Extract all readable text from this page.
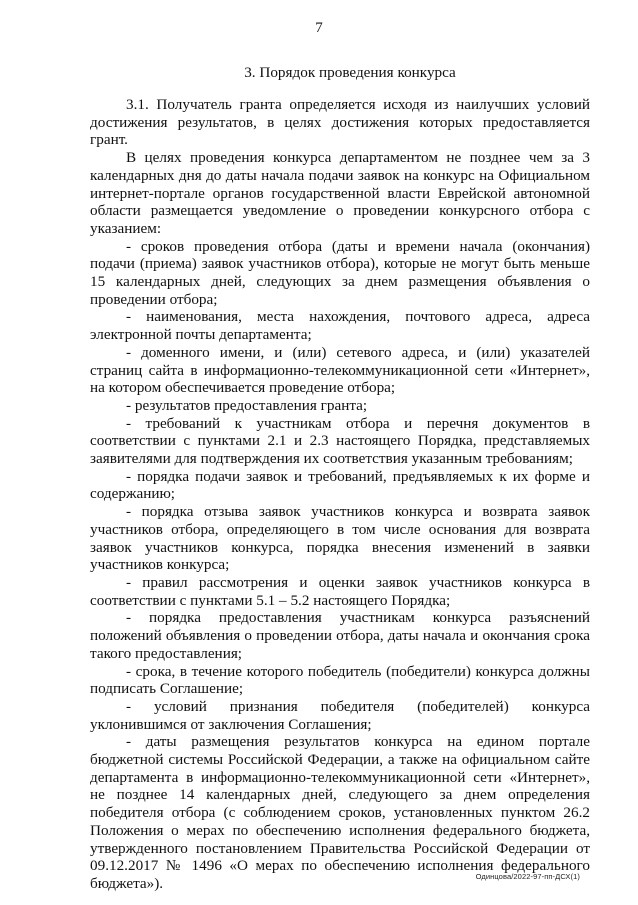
7
3. Порядок проведения конкурса

3.1. Получатель гранта определяется исходя из наилучших условий достижения результатов, в целях достижения которых предоставляется грант.

В целях проведения конкурса департаментом не позднее чем за 3 календарных дня до даты начала подачи заявок на конкурс на Официальном интернет-портале органов государственной власти Еврейской автономной области размещается уведомление о проведении конкурсного отбора с указанием:

- сроков проведения отбора (даты и времени начала (окончания) подачи (приема) заявок участников отбора), которые не могут быть меньше 15 календарных дней, следующих за днем размещения объявления о проведении отбора;

- наименования, места нахождения, почтового адреса, адреса электронной почты департамента;

- доменного имени, и (или) сетевого адреса, и (или) указателей страниц сайта в информационно-телекоммуникационной сети «Интернет», на котором обеспечивается проведение отбора;

- результатов предоставления гранта;

- требований к участникам отбора и перечня документов в соответствии с пунктами 2.1 и 2.3 настоящего Порядка, представляемых заявителями для подтверждения их соответствия указанным требованиям;

- порядка подачи заявок и требований, предъявляемых к их форме и содержанию;

- порядка отзыва заявок участников конкурса и возврата заявок участников отбора, определяющего в том числе основания для возврата заявок участников конкурса, порядка внесения изменений в заявки участников конкурса;

- правил рассмотрения и оценки заявок участников конкурса в соответствии с пунктами 5.1 – 5.2 настоящего Порядка;

- порядка предоставления участникам конкурса разъяснений положений объявления о проведении отбора, даты начала и окончания срока такого предоставления;

- срока, в течение которого победитель (победители) конкурса должны подписать Соглашение;

- условий признания победителя (победителей) конкурса уклонившимся от заключения Соглашения;

- даты размещения результатов конкурса на едином портале бюджетной системы Российской Федерации, а также на официальном сайте департамента в информационно-телекоммуникационной сети «Интернет», не позднее 14 календарных дней, следующего за днем определения победителя отбора (с соблюдением сроков, установленных пунктом 26.2 Положения о мерах по обеспечению исполнения федерального бюджета, утвержденного постановлением Правительства Российской Федерации от 09.12.2017 № 1496 «О мерах по обеспечению исполнения федерального бюджета»).	Одинцова/2022-97-пп-ДСХ(1)
